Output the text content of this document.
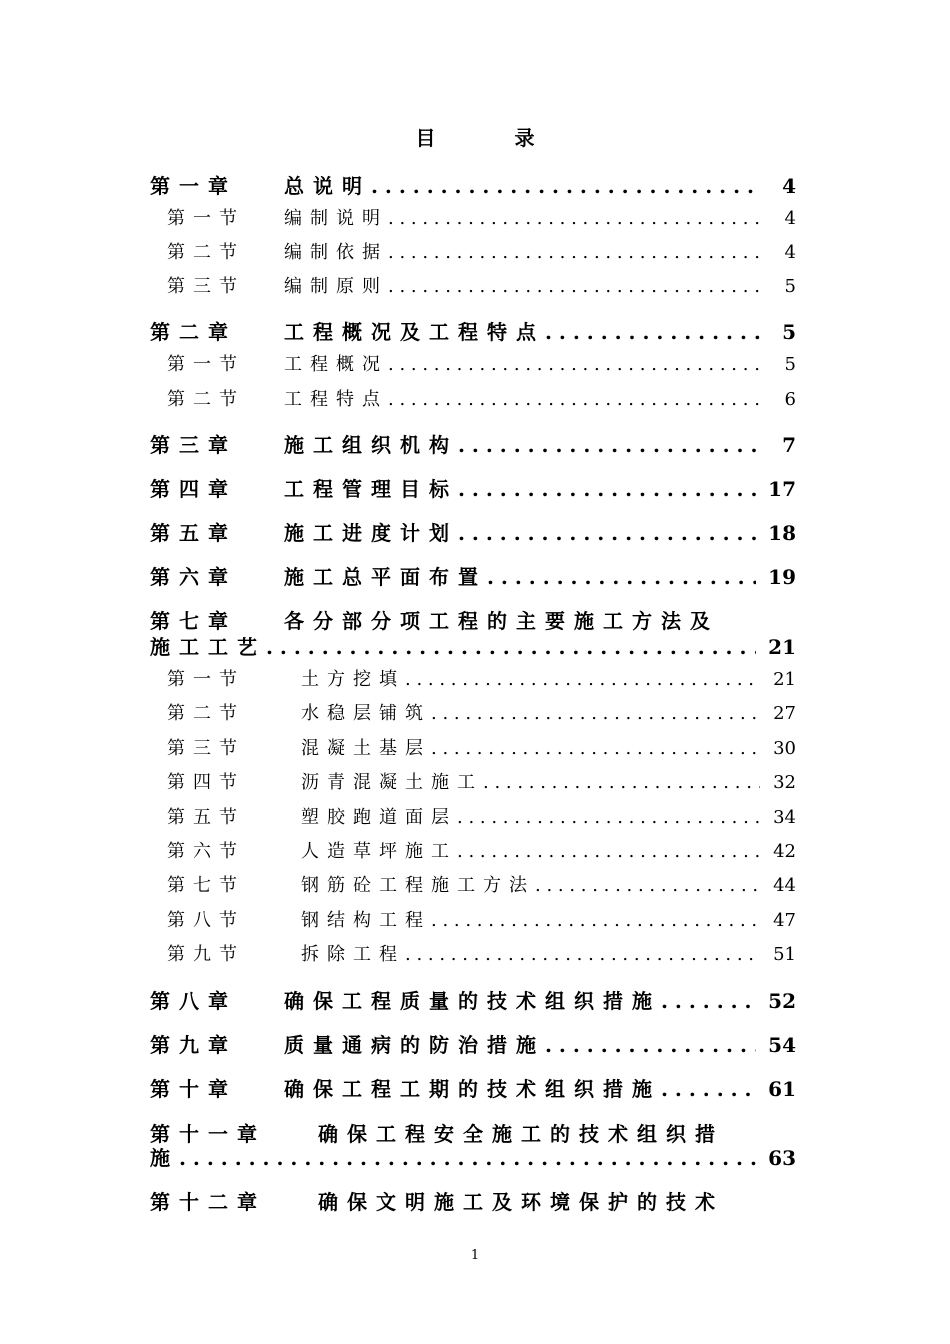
目 录
第一章	总说明 . . .	4
第一节	编制说明 . . .	4
第二节	编制依据 . . .	4
第三节	编制原则 . . .	5
第二章	工程概况及工程特点 . . .	5
第一节	工程概况 . . .	5
第二节	工程特点 . . .	6
第三章	施工组织机构 . . .	7
第四章	工程管理目标 . . .	17
第五章	施工进度计划 . . .	18
第六章	施工总平面布置 . . .	19
第七章	各分部分项工程的主要施工方法及
施工工艺 . . .	21
第一节	土方挖填 . . .	21
第二节	水稳层铺筑 . . .	27
第三节	混凝土基层 . . .	30
第四节	沥青混凝土施工 . . .	32
第五节	塑胶跑道面层 . . .	34
第六节	人造草坪施工 . . .	42
第七节	钢筋砼工程施工方法 . . .	44
第八节	钢结构工程 . . .	47
第九节	拆除工程 . . .	51
第八章	确保工程质量的技术组织措施 . . .	52
第九章	质量通病的防治措施 . . .	54
第十章	确保工程工期的技术组织措施 . . .	61
第十一章	确保工程安全施工的技术组织措
施 . . .	63
第十二章	确保文明施工及环境保护的技术
1
